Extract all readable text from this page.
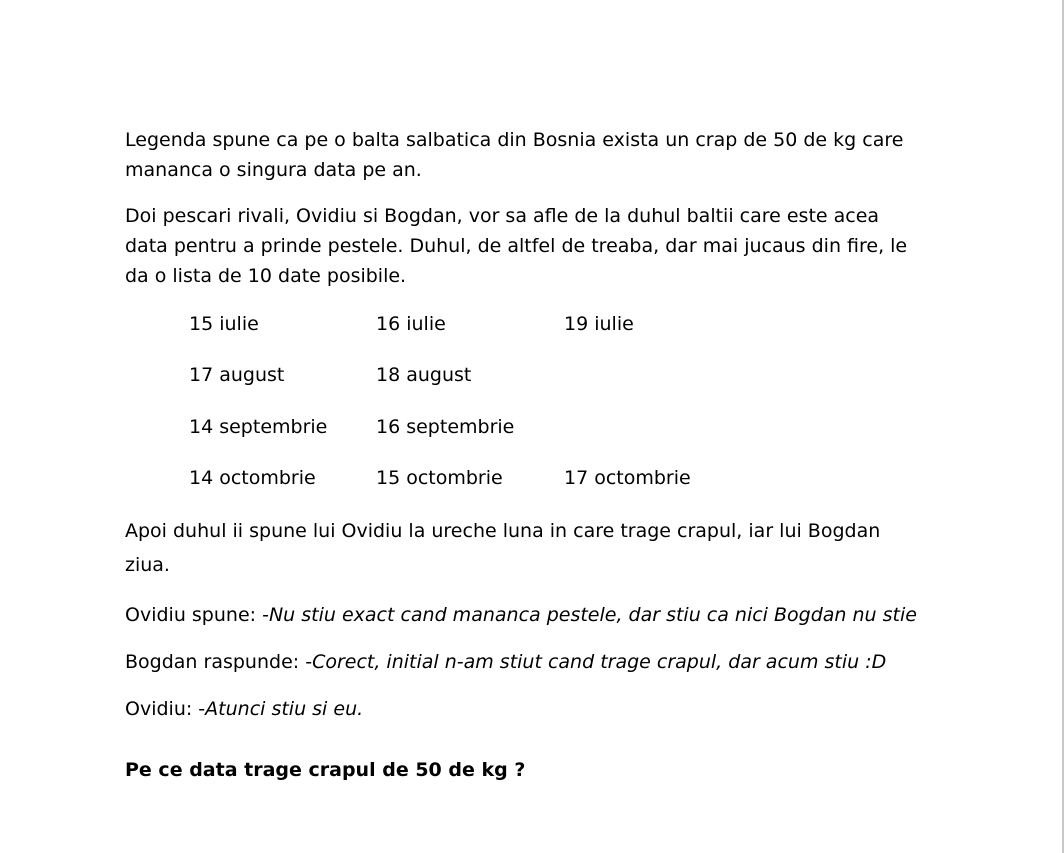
Legenda spune ca pe o balta salbatica din Bosnia exista un crap de 50 de kg care
mananca o singura data pe an.

Doi pescari rivali, Ovidiu si Bogdan, vor sa afle de la duhul baltii care este acea
data pentru a prinde pestele. Duhul, de altfel de treaba, dar mai jucaus din fire, le
da o lista de 10 date posibile.

15 iulie	16 iulie	19 iulie
17 august	18 august
14 septembrie	16 septembrie
14 octombrie	15 octombrie	17 octombrie

Apoi duhul ii spune lui Ovidiu la ureche luna in care trage crapul, iar lui Bogdan
ziua.

Ovidiu spune: -Nu stiu exact cand mananca pestele, dar stiu ca nici Bogdan nu stie

Bogdan raspunde: -Corect, initial n-am stiut cand trage crapul, dar acum stiu :D

Ovidiu: -Atunci stiu si eu.

Pe ce data trage crapul de 50 de kg ?
